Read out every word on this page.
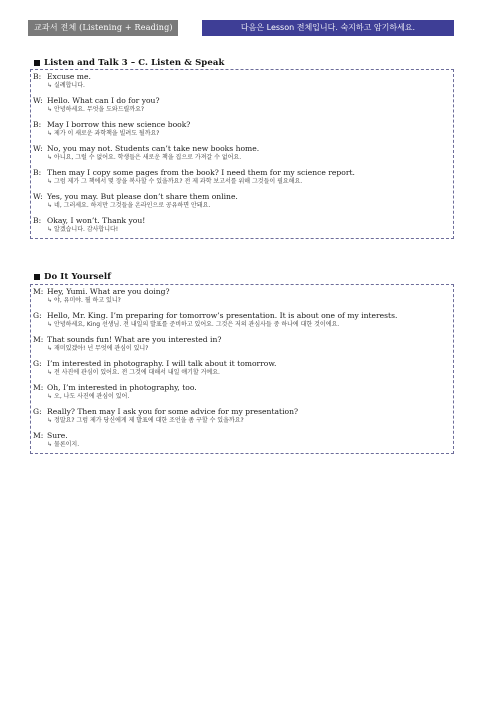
교과서 전체 (Listening + Reading)	다음은 Lesson 전체입니다. 숙지하고 암기하세요.
Listen and Talk 3 – C. Listen & Speak
B: Excuse me.
↳ 실례합니다.
W: Hello. What can I do for you?
↳ 안녕하세요. 무엇을 도와드릴까요?
B: May I borrow this new science book?
↳ 제가 이 새로운 과학책을 빌려도 될까요?
W: No, you may not. Students can’t take new books home.
↳ 아니요, 그럴 수 없어요. 학생들은 새로운 책을 집으로 가져갈 수 없어요.
B: Then may I copy some pages from the book? I need them for my science report.
↳ 그럼 제가 그 책에서 몇 장을 복사할 수 있을까요? 전 제 과학 보고서를 위해 그것들이 필요해요.
W: Yes, you may. But please don’t share them online.
↳ 네, 그러세요. 하지만 그것들을 온라인으로 공유하면 안돼요.
B: Okay, I won’t. Thank you!
↳ 알겠습니다. 감사합니다!
Do It Yourself
M: Hey, Yumi. What are you doing?
↳ 야, 유미야. 뭘 하고 있니?
G: Hello, Mr. King. I’m preparing for tomorrow’s presentation. It is about one of my interests.
↳ 안녕하세요, King 선생님. 전 내일의 발표를 준비하고 있어요. 그것은 저의 관심사들 중 하나에 대한 것이에요.
M: That sounds fun! What are you interested in?
↳ 재미있겠아! 넌 무엇에 관심이 있니?
G: I’m interested in photography. I will talk about it tomorrow.
↳ 전 사진에 관심이 있어요. 전 그것에 대해서 내일 얘기할 거예요.
M: Oh, I’m interested in photography, too.
↳ 오, 나도 사진에 관심이 있어.
G: Really? Then may I ask you for some advice for my presentation?
↳ 정말요? 그럼 제가 당신에게 제 발표에 대한 조언을 좀 구할 수 있을까요?
M: Sure.
↳ 물론이지.
